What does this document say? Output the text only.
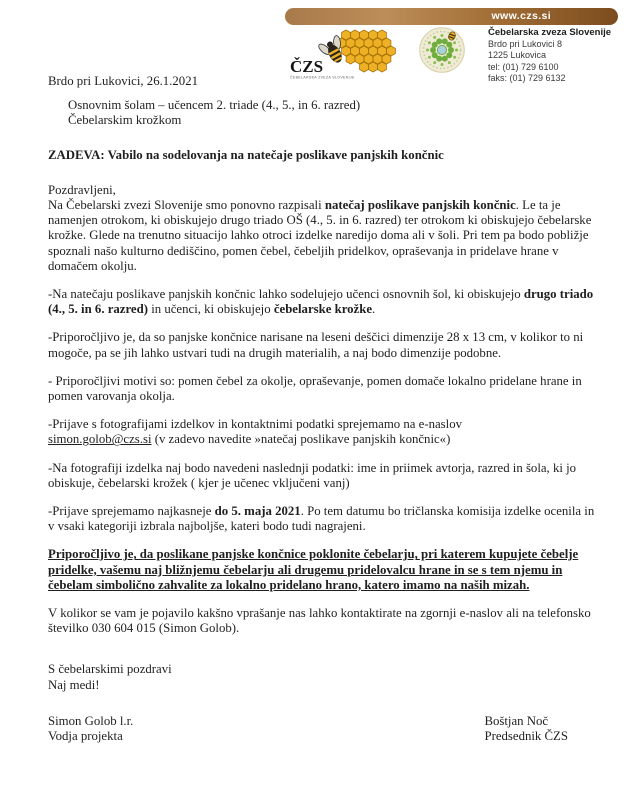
www.czs.si
ČZS
ČEBELARSKA ZVEZA SLOVENIJE
Čebelarska zveza Slovenije
Brdo pri Lukovici 8
1225 Lukovica
tel: (01) 729 6100
faks: (01) 729 6132
Brdo pri Lukovici, 26.1.2021
Osnovnim šolam – učencem 2. triade (4., 5., in 6. razred)
Čebelarskim krožkom
ZADEVA: Vabilo na sodelovanja na natečaje poslikave panjskih končnic
Pozdravljeni,
Na Čebelarski zvezi Slovenije smo ponovno razpisali natečaj poslikave panjskih končnic. Le ta je namenjen otrokom, ki obiskujejo drugo triado OŠ (4., 5. in 6. razred) ter otrokom ki obiskujejo čebelarske krožke. Glede na trenutno situacijo lahko otroci izdelke naredijo doma ali v šoli. Pri tem pa bodo pobližje spoznali našo kulturno dediščino, pomen čebel, čebeljih pridelkov, opraševanja in pridelave hrane v domačem okolju.
-Na natečaju poslikave panjskih končnic lahko sodelujejo učenci osnovnih šol, ki obiskujejo drugo triado (4., 5. in 6. razred) in učenci, ki obiskujejo čebelarske krožke.
-Priporočljivo je, da so panjske končnice narisane na leseni deščici dimenzije 28 x 13 cm, v kolikor to ni mogoče, pa se jih lahko ustvari tudi na drugih materialih, a naj bodo dimenzije podobne.
- Priporočljivi motivi so: pomen čebel za okolje, opraševanje, pomen domače lokalno pridelane hrane in pomen varovanja okolja.
-Prijave s fotografijami izdelkov in kontaktnimi podatki sprejemamo na e-naslov
simon.golob@czs.si (v zadevo navedite »natečaj poslikave panjskih končnic«)
-Na fotografiji izdelka naj bodo navedeni naslednji podatki: ime in priimek avtorja, razred in šola, ki jo obiskuje, čebelarski krožek ( kjer je učenec vključeni vanj)
-Prijave sprejemamo najkasneje do 5. maja 2021. Po tem datumu bo tričlanska komisija izdelke ocenila in v vsaki kategoriji izbrala najboljše, kateri bodo tudi nagrajeni.
Priporočljivo je, da poslikane panjske končnice poklonite čebelarju, pri katerem kupujete čebelje pridelke, vašemu naj bližnjemu čebelarju ali drugemu pridelovalcu hrane in se s tem njemu in čebelam simbolično zahvalite za lokalno pridelano hrano, katero imamo na naših mizah.
V kolikor se vam je pojavilo kakšno vprašanje nas lahko kontaktirate na zgornji e-naslov ali na telefonsko številko 030 604 015 (Simon Golob).
S čebelarskimi pozdravi
Naj medi!
Simon Golob l.r.
Vodja projekta
Boštjan Noč
Predsednik ČZS
